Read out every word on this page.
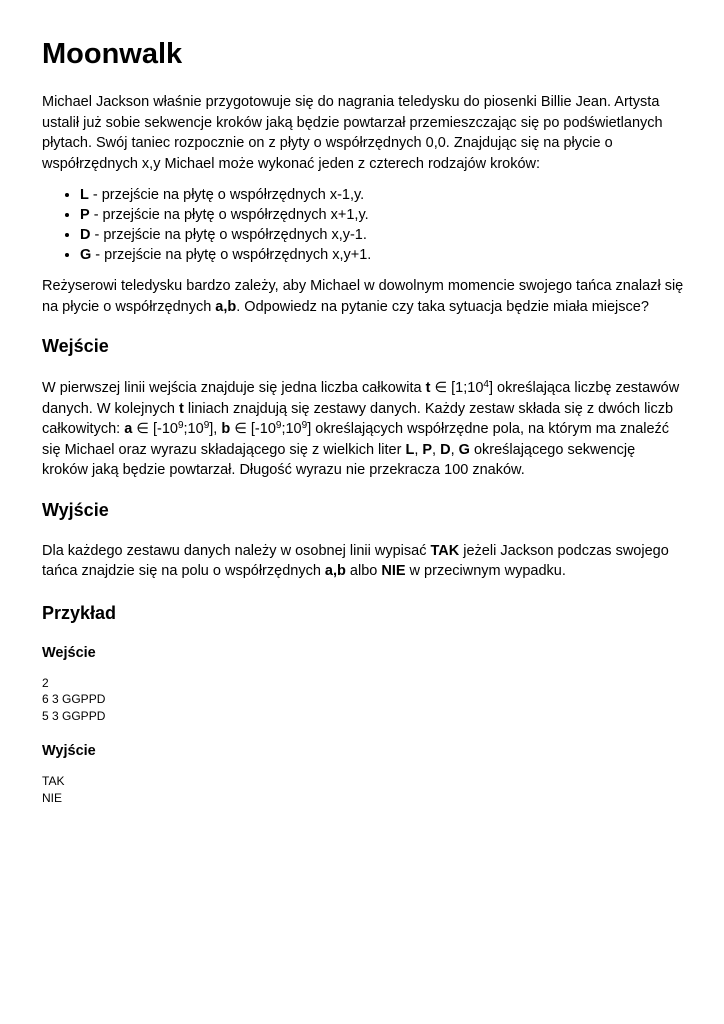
Moonwalk

Michael Jackson właśnie przygotowuje się do nagrania teledysku do piosenki Billie Jean. Artysta ustalił już sobie sekwencje kroków jaką będzie powtarzał przemieszczając się po podświetlanych płytach. Swój taniec rozpocznie on z płyty o współrzędnych 0,0. Znajdując się na płycie o współrzędnych x,y Michael może wykonać jeden z czterech rodzajów kroków:

• L - przejście na płytę o współrzędnych x-1,y.
• P - przejście na płytę o współrzędnych x+1,y.
• D - przejście na płytę o współrzędnych x,y-1.
• G - przejście na płytę o współrzędnych x,y+1.

Reżyserowi teledysku bardzo zależy, aby Michael w dowolnym momencie swojego tańca znalazł się na płycie o współrzędnych a,b. Odpowiedz na pytanie czy taka sytuacja będzie miała miejsce?

Wejście

W pierwszej linii wejścia znajduje się jedna liczba całkowita t ∈ $[1;10^4]$ określająca liczbę zestawów danych. W kolejnych t liniach znajdują się zestawy danych. Każdy zestaw składa się z dwóch liczb całkowitych: a ∈ $[-10^9;10^9]$, b ∈ $[-10^9;10^9]$ określających współrzędne pola, na którym ma znaleźć się Michael oraz wyrazu składającego się z wielkich liter L, P, D, G określającego sekwencję kroków jaką będzie powtarzał. Długość wyrazu nie przekracza 100 znaków.

Wyjście

Dla każdego zestawu danych należy w osobnej linii wypisać TAK jeżeli Jackson podczas swojego tańca znajdzie się na polu o współrzędnych a,b albo NIE w przeciwnym wypadku.

Przykład
Wejście
2
6 3 GGPPD
5 3 GGPPD
Wyjście
TAK
NIE
